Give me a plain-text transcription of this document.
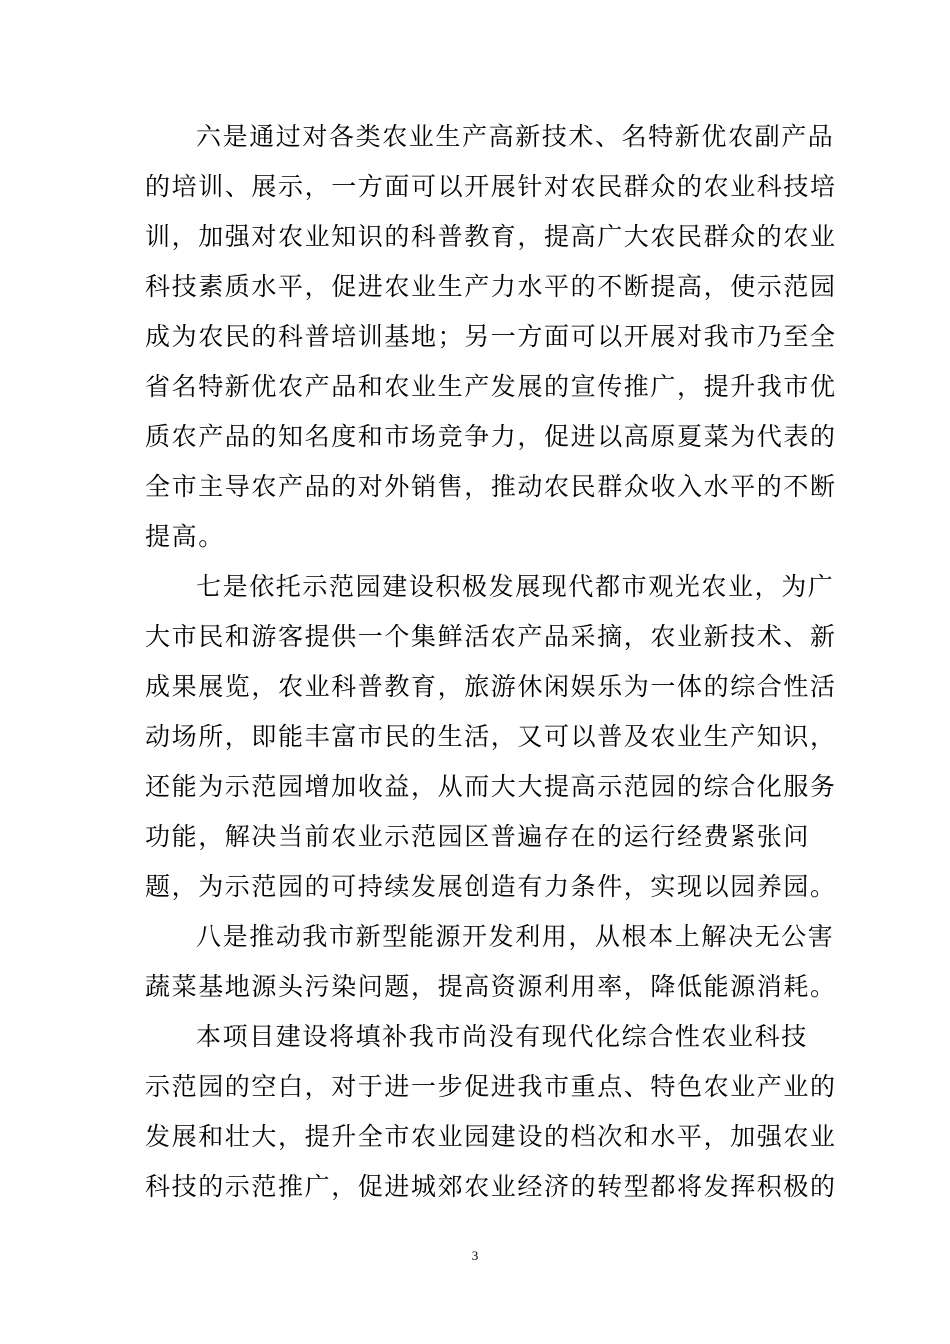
六是通过对各类农业生产高新技术、名特新优农副产品
的培训、展示，一方面可以开展针对农民群众的农业科技培
训，加强对农业知识的科普教育，提高广大农民群众的农业
科技素质水平，促进农业生产力水平的不断提高，使示范园
成为农民的科普培训基地；另一方面可以开展对我市乃至全
省名特新优农产品和农业生产发展的宣传推广，提升我市优
质农产品的知名度和市场竞争力，促进以高原夏菜为代表的
全市主导农产品的对外销售，推动农民群众收入水平的不断
提高。
七是依托示范园建设积极发展现代都市观光农业，为广
大市民和游客提供一个集鲜活农产品采摘，农业新技术、新
成果展览，农业科普教育，旅游休闲娱乐为一体的综合性活
动场所，即能丰富市民的生活，又可以普及农业生产知识，
还能为示范园增加收益，从而大大提高示范园的综合化服务
功能，解决当前农业示范园区普遍存在的运行经费紧张问
题，为示范园的可持续发展创造有力条件，实现以园养园。
八是推动我市新型能源开发利用，从根本上解决无公害
蔬菜基地源头污染问题，提高资源利用率，降低能源消耗。
本项目建设将填补我市尚没有现代化综合性农业科技
示范园的空白，对于进一步促进我市重点、特色农业产业的
发展和壮大，提升全市农业园建设的档次和水平，加强农业
科技的示范推广，促进城郊农业经济的转型都将发挥积极的
3
